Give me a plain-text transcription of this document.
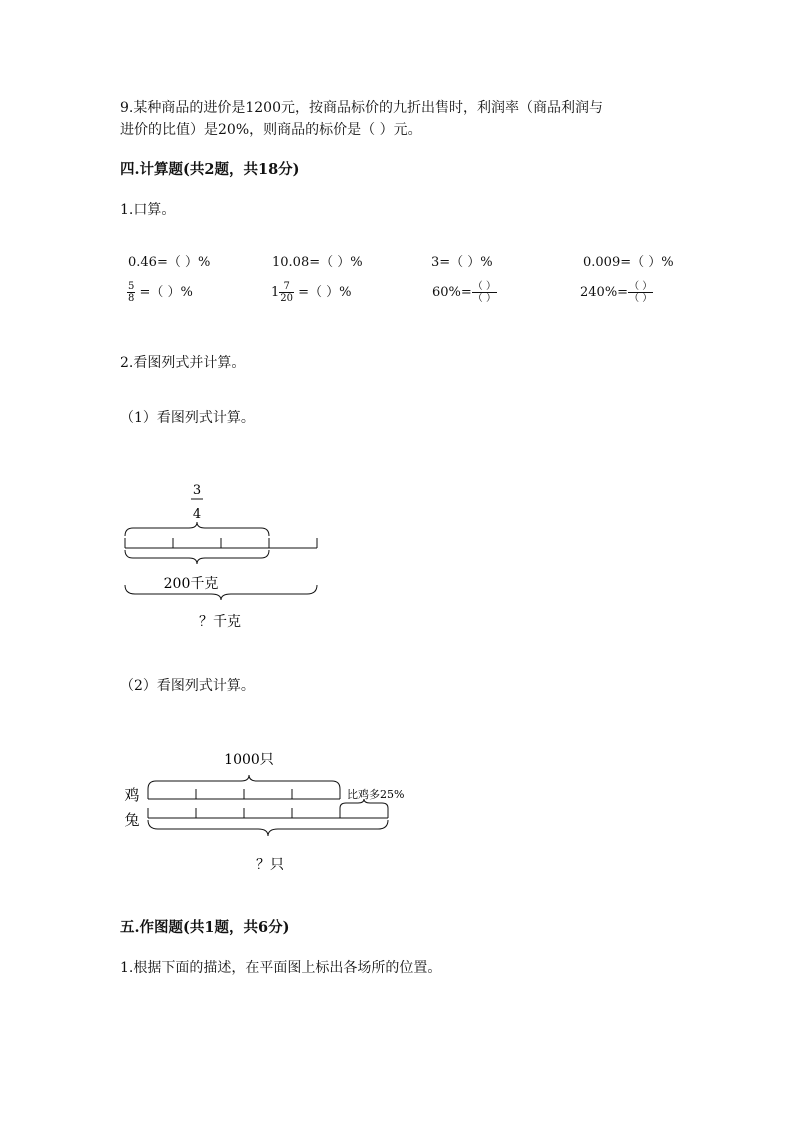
9.某种商品的进价是1200元，按商品标价的九折出售时，利润率（商品利润与
进价的比值）是20%，则商品的标价是（ ）元。
四.计算题(共2题，共18分)
1.口算。
0.46=（ ）%	10.08=（ ）%	3=（ ）%	0.009=（ ）%
$\frac{5}{8}$ =（ ）%	$1 \frac{7}{20}$ =（ ）%	$60\%= \frac{( )}{( )}$	$240\%= \frac{( )}{( )}$
2.看图列式并计算。
（1）看图列式计算。
3
4
200千克
？千克
（2）看图列式计算。
1000只
鸡
兔
比鸡多25%
？只
五.作图题(共1题，共6分)
1.根据下面的描述，在平面图上标出各场所的位置。
